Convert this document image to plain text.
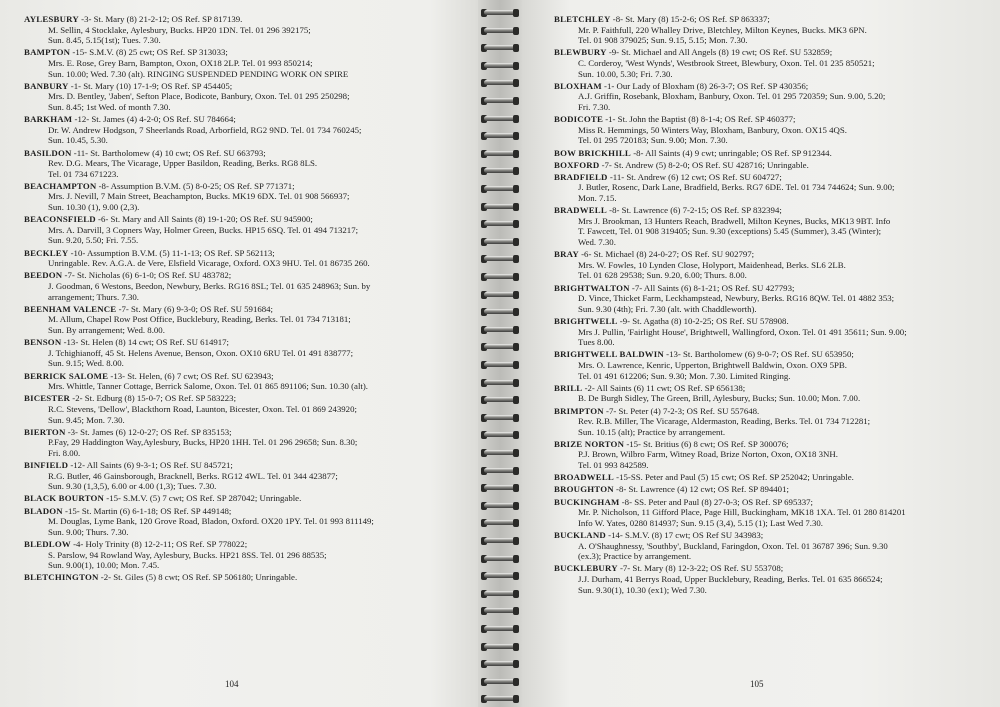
AYLESBURY -3- St. Mary (8) 21-2-12; OS Ref. SP 817139.
M. Sellin, 4 Stocklake, Aylesbury, Bucks. HP20 1DN. Tel. 01 296 392175;
Sun. 8.45, 5.15(1st); Tues. 7.30.
BAMPTON -15- S.M.V. (8) 25 cwt; OS Ref. SP 313033;
Mrs. E. Rose, Grey Barn, Bampton, Oxon, OX18 2LP. Tel. 01 993 850214;
Sun. 10.00; Wed. 7.30 (alt). RINGING SUSPENDED PENDING WORK ON SPIRE
BANBURY -1- St. Mary (10) 17-1-9; OS Ref. SP 454405;
Mrs. D. Bentley, 'Jaben', Sefton Place, Bodicote, Banbury, Oxon. Tel. 01 295 250298;
Sun. 8.45; 1st Wed. of month 7.30.
BARKHAM -12- St. James (4) 4-2-0; OS Ref. SU 784664;
Dr. W. Andrew Hodgson, 7 Sheerlands Road, Arborfield, RG2 9ND. Tel. 01 734 760245;
Sun. 10.45, 5.30.
BASILDON -11- St. Bartholomew (4) 10 cwt; OS Ref. SU 663793;
Rev. D.G. Mears, The Vicarage, Upper Basildon, Reading, Berks. RG8 8LS.
Tel. 01 734 671223.
BEACHAMPTON -8- Assumption B.V.M. (5) 8-0-25; OS Ref. SP 771371;
Mrs. J. Nevill, 7 Main Street, Beachampton, Bucks. MK19 6DX. Tel. 01 908 566937;
Sun. 10.30 (1), 9.00 (2,3).
BEACONSFIELD -6- St. Mary and All Saints (8) 19-1-20; OS Ref. SU 945900;
Mrs. A. Darvill, 3 Copners Way, Holmer Green, Bucks. HP15 6SQ. Tel. 01 494 713217;
Sun. 9.20, 5.50; Fri. 7.55.
BECKLEY -10- Assumption B.V.M. (5) 11-1-13; OS Ref. SP 562113;
Unringable. Rev. A.G.A. de Vere, Elsfield Vicarage, Oxford. OX3 9HU. Tel. 01 86735 260.
BEEDON -7- St. Nicholas (6) 6-1-0; OS Ref. SU 483782;
J. Goodman, 6 Westons, Beedon, Newbury, Berks. RG16 8SL; Tel. 01 635 248963; Sun. by
arrangement; Thurs. 7.30.
BEENHAM VALENCE -7- St. Mary (6) 9-3-0; OS Ref. SU 591684;
M. Allum, Chapel Row Post Office, Bucklebury, Reading, Berks. Tel. 01 734 713181;
Sun. By arrangement; Wed. 8.00.
BENSON -13- St. Helen (8) 14 cwt; OS Ref. SU 614917;
J. Tchighianoff, 45 St. Helens Avenue, Benson, Oxon. OX10 6RU Tel. 01 491 838777;
Sun. 9.15; Wed. 8.00.
BERRICK SALOME -13- St. Helen, (6) 7 cwt; OS Ref. SU 623943;
Mrs. Whittle, Tanner Cottage, Berrick Salome, Oxon. Tel. 01 865 891106; Sun. 10.30 (alt).
BICESTER -2- St. Edburg (8) 15-0-7; OS Ref. SP 583223;
R.C. Stevens, 'Dellow', Blackthorn Road, Launton, Bicester, Oxon. Tel. 01 869 243920;
Sun. 9.45; Mon. 7.30.
BIERTON -3- St. James (6) 12-0-27; OS Ref. SP 835153;
P.Fay, 29 Haddington Way,Aylesbury, Bucks, HP20 1HH. Tel. 01 296 29658; Sun. 8.30;
Fri. 8.00.
BINFIELD -12- All Saints (6) 9-3-1; OS Ref. SU 845721;
R.G. Butler, 46 Gainsborough, Bracknell, Berks. RG12 4WL. Tel. 01 344 423877;
Sun. 9.30 (1,3,5), 6.00 or 4.00 (1,3); Tues. 7.30.
BLACK BOURTON -15- S.M.V. (5) 7 cwt; OS Ref. SP 287042; Unringable.
BLADON -15- St. Martin (6) 6-1-18; OS Ref. SP 449148;
M. Douglas, Lyme Bank, 120 Grove Road, Bladon, Oxford. OX20 1PY. Tel. 01 993 811149;
Sun. 9.00; Thurs. 7.30.
BLEDLOW -4- Holy Trinity (8) 12-2-11; OS Ref. SP 778022;
S. Parslow, 94 Rowland Way, Aylesbury, Bucks. HP21 8SS. Tel. 01 296 88535;
Sun. 9.00(1), 10.00; Mon. 7.45.
BLETCHINGTON -2- St. Giles (5) 8 cwt; OS Ref. SP 506180; Unringable.
104
BLETCHLEY -8- St. Mary (8) 15-2-6; OS Ref. SP 863337;
Mr. P. Faithfull, 220 Whalley Drive, Bletchley, Milton Keynes, Bucks. MK3 6PN.
Tel. 01 908 379025; Sun. 9.15, 5.15; Mon. 7.30.
BLEWBURY -9- St. Michael and All Angels (8) 19 cwt; OS Ref. SU 532859;
C. Corderoy, 'West Wynds', Westbrook Street, Blewbury, Oxon. Tel. 01 235 850521;
Sun. 10.00, 5.30; Fri. 7.30.
BLOXHAM -1- Our Lady of Bloxham (8) 26-3-7; OS Ref. SP 430356;
A.J. Griffin, Rosebank, Bloxham, Banbury, Oxon. Tel. 01 295 720359; Sun. 9.00, 5.20;
Fri. 7.30.
BODICOTE -1- St. John the Baptist (8) 8-1-4; OS Ref. SP 460377;
Miss R. Hemmings, 50 Winters Way, Bloxham, Banbury, Oxon. OX15 4QS.
Tel. 01 295 720183; Sun. 9.00; Mon. 7.30.
BOW BRICKHILL -8- All Saints (4) 9 cwt; unringable; OS Ref. SP 912344.
BOXFORD -7- St. Andrew (5) 8-2-0; OS Ref. SU 428716; Unringable.
BRADFIELD -11- St. Andrew (6) 12 cwt; OS Ref. SU 604727;
J. Butler, Rosenc, Dark Lane, Bradfield, Berks. RG7 6DE. Tel. 01 734 744624; Sun. 9.00;
Mon. 7.15.
BRADWELL -8- St. Lawrence (6) 7-2-15; OS Ref. SP 832394;
Mrs J. Brookman, 13 Hunters Reach, Bradwell, Milton Keynes, Bucks, MK13 9BT. Info
T. Fawcett, Tel. 01 908 319405; Sun. 9.30 (exceptions) 5.45 (Summer), 3.45 (Winter);
Wed. 7.30.
BRAY -6- St. Michael (8) 24-0-27; OS Ref. SU 902797;
Mrs. W. Fowles, 10 Lynden Close, Holyport, Maidenhead, Berks. SL6 2LB.
Tel. 01 628 29538; Sun. 9.20, 6.00; Thurs. 8.00.
BRIGHTWALTON -7- All Saints (6) 8-1-21; OS Ref. SU 427793;
D. Vince, Thicket Farm, Leckhampstead, Newbury, Berks. RG16 8QW. Tel. 01 4882 353;
Sun. 9.30 (4th); Fri. 7.30 (alt. with Chaddleworth).
BRIGHTWELL -9- St. Agatha (8) 10-2-25; OS Ref. SU 578908.
Mrs J. Pullin, 'Fairlight House', Brightwell, Wallingford, Oxon. Tel. 01 491 35611; Sun. 9.00;
Tues 8.00.
BRIGHTWELL BALDWIN -13- St. Bartholomew (6) 9-0-7; OS Ref. SU 653950;
Mrs. O. Lawrence, Kenric, Upperton, Brightwell Baldwin, Oxon. OX9 5PB.
Tel. 01 491 612206; Sun. 9.30; Mon. 7.30. Limited Ringing.
BRILL -2- All Saints (6) 11 cwt; OS Ref. SP 656138;
B. De Burgh Sidley, The Green, Brill, Aylesbury, Bucks; Sun. 10.00; Mon. 7.00.
BRIMPTON -7- St. Peter (4) 7-2-3; OS Ref. SU 557648.
Rev. R.B. Miller, The Vicarage, Aldermaston, Reading, Berks. Tel. 01 734 712281;
Sun. 10.15 (alt); Practice by arrangement.
BRIZE NORTON -15- St. Britius (6) 8 cwt; OS Ref. SP 300076;
P.J. Brown, Wilbro Farm, Witney Road, Brize Norton, Oxon, OX18 3NH.
Tel. 01 993 842589.
BROADWELL -15-SS. Peter and Paul (5) 15 cwt; OS Ref. SP 252042; Unringable.
BROUGHTON -8- St. Lawrence (4) 12 cwt; OS Ref. SP 894401;
BUCKINGHAM -8- SS. Peter and Paul (8) 27-0-3; OS Ref. SP 695337;
Mr. P. Nicholson, 11 Gifford Place, Page Hill, Buckingham, MK18 1XA. Tel. 01 280 814201
Info W. Yates, 0280 814937; Sun. 9.15 (3,4), 5.15 (1); Last Wed 7.30.
BUCKLAND -14- S.M.V. (8) 17 cwt; OS Ref SU 343983;
A. O'Shaughnessy, 'Southby', Buckland, Faringdon, Oxon. Tel. 01 36787 396; Sun. 9.30
(ex.3); Practice by arrangement.
BUCKLEBURY -7- St. Mary (8) 12-3-22; OS Ref. SU 553708;
J.J. Durham, 41 Berrys Road, Upper Bucklebury, Reading, Berks. Tel. 01 635 866524;
Sun. 9.30(1), 10.30 (ex1); Wed 7.30.
105
